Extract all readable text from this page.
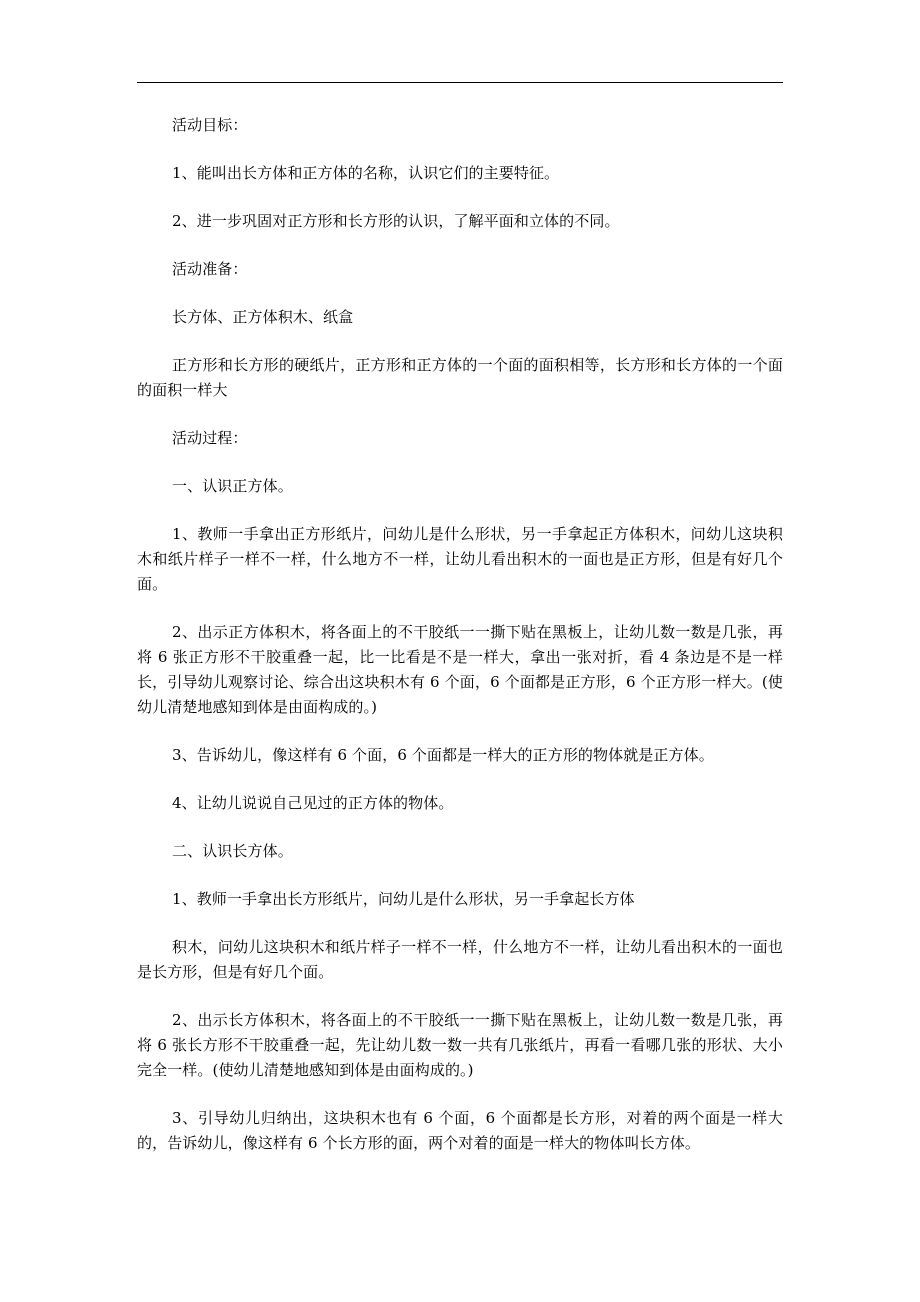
活动目标：

1、能叫出长方体和正方体的名称，认识它们的主要特征。

2、进一步巩固对正方形和长方形的认识，了解平面和立体的不同。

活动准备：

长方体、正方体积木、纸盒

正方形和长方形的硬纸片，正方形和正方体的一个面的面积相等，长方形和长方体的一个面的面积一样大

活动过程：

一、认识正方体。

1、教师一手拿出正方形纸片，问幼儿是什么形状，另一手拿起正方体积木，问幼儿这块积木和纸片样子一样不一样，什么地方不一样，让幼儿看出积木的一面也是正方形，但是有好几个面。

2、出示正方体积木，将各面上的不干胶纸一一撕下贴在黑板上，让幼儿数一数是几张，再将 6 张正方形不干胶重叠一起，比一比看是不是一样大，拿出一张对折，看 4 条边是不是一样长，引导幼儿观察讨论、综合出这块积木有 6 个面，6 个面都是正方形，6 个正方形一样大。(使幼儿清楚地感知到体是由面构成的。)

3、告诉幼儿，像这样有 6 个面，6 个面都是一样大的正方形的物体就是正方体。

4、让幼儿说说自己见过的正方体的物体。

二、认识长方体。

1、教师一手拿出长方形纸片，问幼儿是什么形状，另一手拿起长方体

积木，问幼儿这块积木和纸片样子一样不一样，什么地方不一样，让幼儿看出积木的一面也是长方形，但是有好几个面。

2、出示长方体积木，将各面上的不干胶纸一一撕下贴在黑板上，让幼儿数一数是几张，再将 6 张长方形不干胶重叠一起，先让幼儿数一数一共有几张纸片，再看一看哪几张的形状、大小完全一样。(使幼儿清楚地感知到体是由面构成的。)

3、引导幼儿归纳出，这块积木也有 6 个面，6 个面都是长方形，对着的两个面是一样大的，告诉幼儿，像这样有 6 个长方形的面，两个对着的面是一样大的物体叫长方体。
